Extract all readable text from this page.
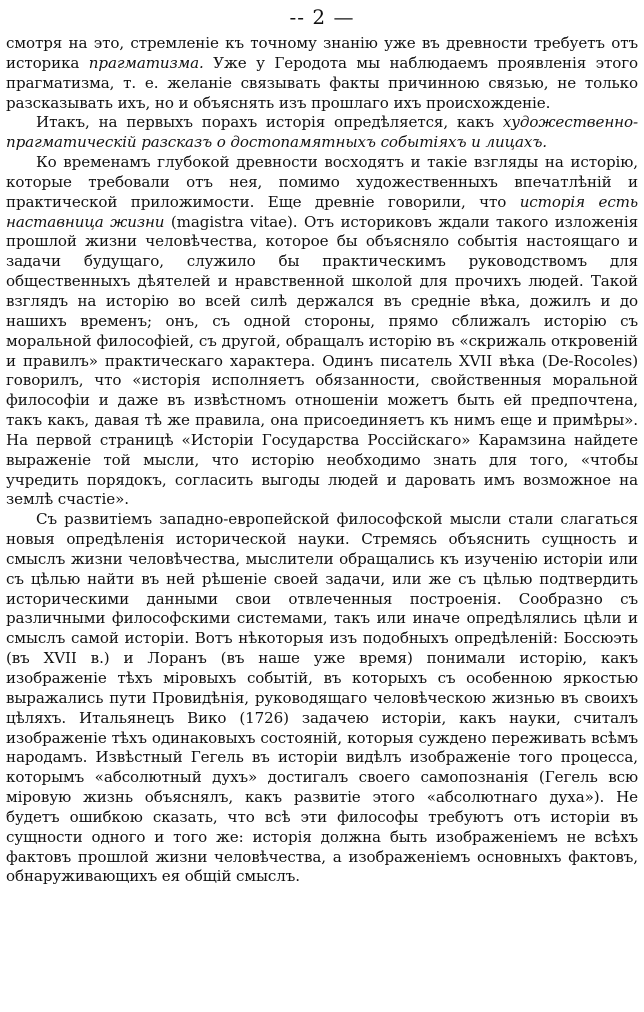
-- 2 —

смотря на это, стремленіе къ точному знанію уже въ древности требуетъ отъ историка прагматизма. Уже у Геродота мы наблюдаемъ проявленія этого прагматизма, т. е. желаніе связывать факты причинною связью, не только разсказывать ихъ, но и объяснять изъ прошлаго ихъ происхожденіе.

Итакъ, на первыхъ порахъ исторія опредѣляется, какъ художественно-прагматическій разсказъ о достопамятныхъ событіяхъ и лицахъ.

Ко временамъ глубокой древности восходятъ и такіе взгляды на исторію, которые требовали отъ нея, помимо художественныхъ впечатлѣній и практической приложимости. Еще древніе говорили, что исторія есть наставница жизни (magistra vitae). Отъ историковъ ждали такого изложенія прошлой жизни человѣчества, которое бы объясняло событія настоящаго и задачи будущаго, служило бы практическимъ руководствомъ для общественныхъ дѣятелей и нравственной школой для прочихъ людей. Такой взглядъ на исторію во всей силѣ держался въ средніе вѣка, дожилъ и до нашихъ временъ; онъ, съ одной стороны, прямо сближалъ исторію съ моральной философіей, съ другой, обращалъ исторію въ «скрижаль откровеній и правилъ» практическаго характера. Одинъ писатель XVII вѣка (De-Rocoles) говорилъ, что «исторія исполняетъ обязанности, свойственныя моральной философіи и даже въ извѣстномъ отношеніи можетъ быть ей предпочтена, такъ какъ, давая тѣ же правила, она присоединяетъ къ нимъ еще и примѣры». На первой страницѣ «Исторіи Государства Россійскаго» Карамзина найдете выраженіе той мысли, что исторію необходимо знать для того, «чтобы учредить порядокъ, согласить выгоды людей и даровать имъ возможное на землѣ счастіе».

Съ развитіемъ западно-европейской философской мысли стали слагаться новыя опредѣленія исторической науки. Стремясь объяснить сущность и смыслъ жизни человѣчества, мыслители обращались къ изученію исторіи или съ цѣлью найти въ ней рѣшеніе своей задачи, или же съ цѣлью подтвердить историческими данными свои отвлеченныя построенія. Сообразно съ различными философскими системами, такъ или иначе опредѣлялись цѣли и смыслъ самой исторіи. Вотъ нѣкоторыя изъ подобныхъ опредѣленій: Боссюэть (въ XVII в.) и Лоранъ (въ наше уже время) понимали исторію, какъ изображеніе тѣхъ міровыхъ событій, въ которыхъ съ особенною яркостью выражались пути Провидѣнія, руководящаго человѣческою жизнью въ своихъ цѣляхъ. Итальянецъ Вико (1726) задачею исторіи, какъ науки, считалъ изображеніе тѣхъ одинаковыхъ состояній, которыя суждено переживать всѣмъ народамъ. Извѣстный Гегель въ исторіи видѣлъ изображеніе того процесса, которымъ «абсолютный духъ» достигалъ своего самопознанія (Гегель всю міровую жизнь объяснялъ, какъ развитіе этого «абсолютнаго духа»). Не будетъ ошибкою сказать, что всѣ эти философы требуютъ отъ исторіи въ сущности одного и того же: исторія должна быть изображеніемъ не всѣхъ фактовъ прошлой жизни человѣчества, а изображеніемъ основныхъ фактовъ, обнаруживающихъ ея общій смыслъ.
